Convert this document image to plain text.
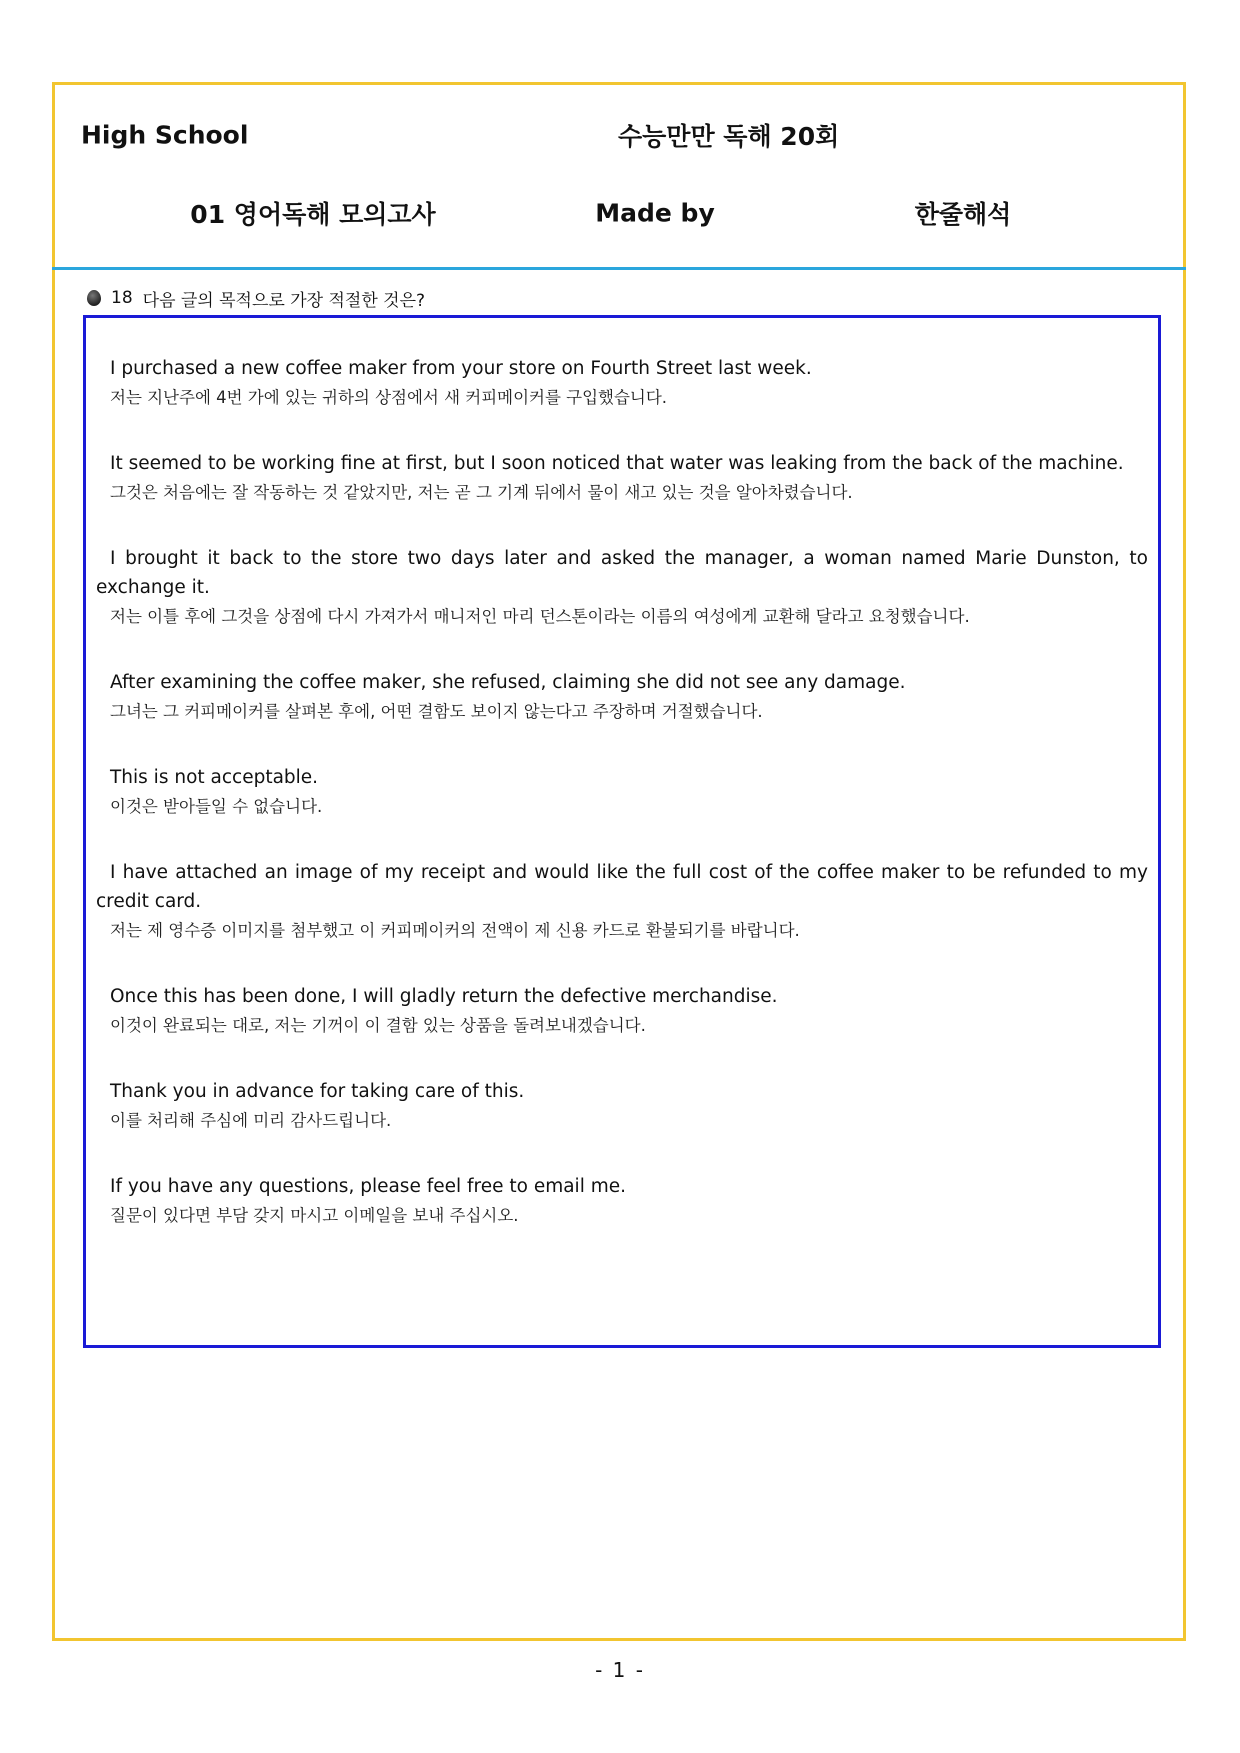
High School	수능만만 독해 20회
01 영어독해 모의고사	Made by	한줄해석
18 다음 글의 목적으로 가장 적절한 것은?

I purchased a new coffee maker from your store on Fourth Street last week.

저는 지난주에 4번 가에 있는 귀하의 상점에서 새 커피메이커를 구입했습니다.

It seemed to be working fine at first, but I soon noticed that water was leaking from the back of the machine.

그것은 처음에는 잘 작동하는 것 같았지만, 저는 곧 그 기계 뒤에서 물이 새고 있는 것을 알아차렸습니다.

I brought it back to the store two days later and asked the manager, a woman named Marie Dunston, to exchange it.

저는 이틀 후에 그것을 상점에 다시 가져가서 매니저인 마리 던스톤이라는 이름의 여성에게 교환해 달라고 요청했습니다.

After examining the coffee maker, she refused, claiming she did not see any damage.

그녀는 그 커피메이커를 살펴본 후에, 어떤 결함도 보이지 않는다고 주장하며 거절했습니다.

This is not acceptable.

이것은 받아들일 수 없습니다.

I have attached an image of my receipt and would like the full cost of the coffee maker to be refunded to my credit card.

저는 제 영수증 이미지를 첨부했고 이 커피메이커의 전액이 제 신용 카드로 환불되기를 바랍니다.

Once this has been done, I will gladly return the defective merchandise.

이것이 완료되는 대로, 저는 기꺼이 이 결함 있는 상품을 돌려보내겠습니다.

Thank you in advance for taking care of this.

이를 처리해 주심에 미리 감사드립니다.

If you have any questions, please feel free to email me.

질문이 있다면 부담 갖지 마시고 이메일을 보내 주십시오.

- 1 -
